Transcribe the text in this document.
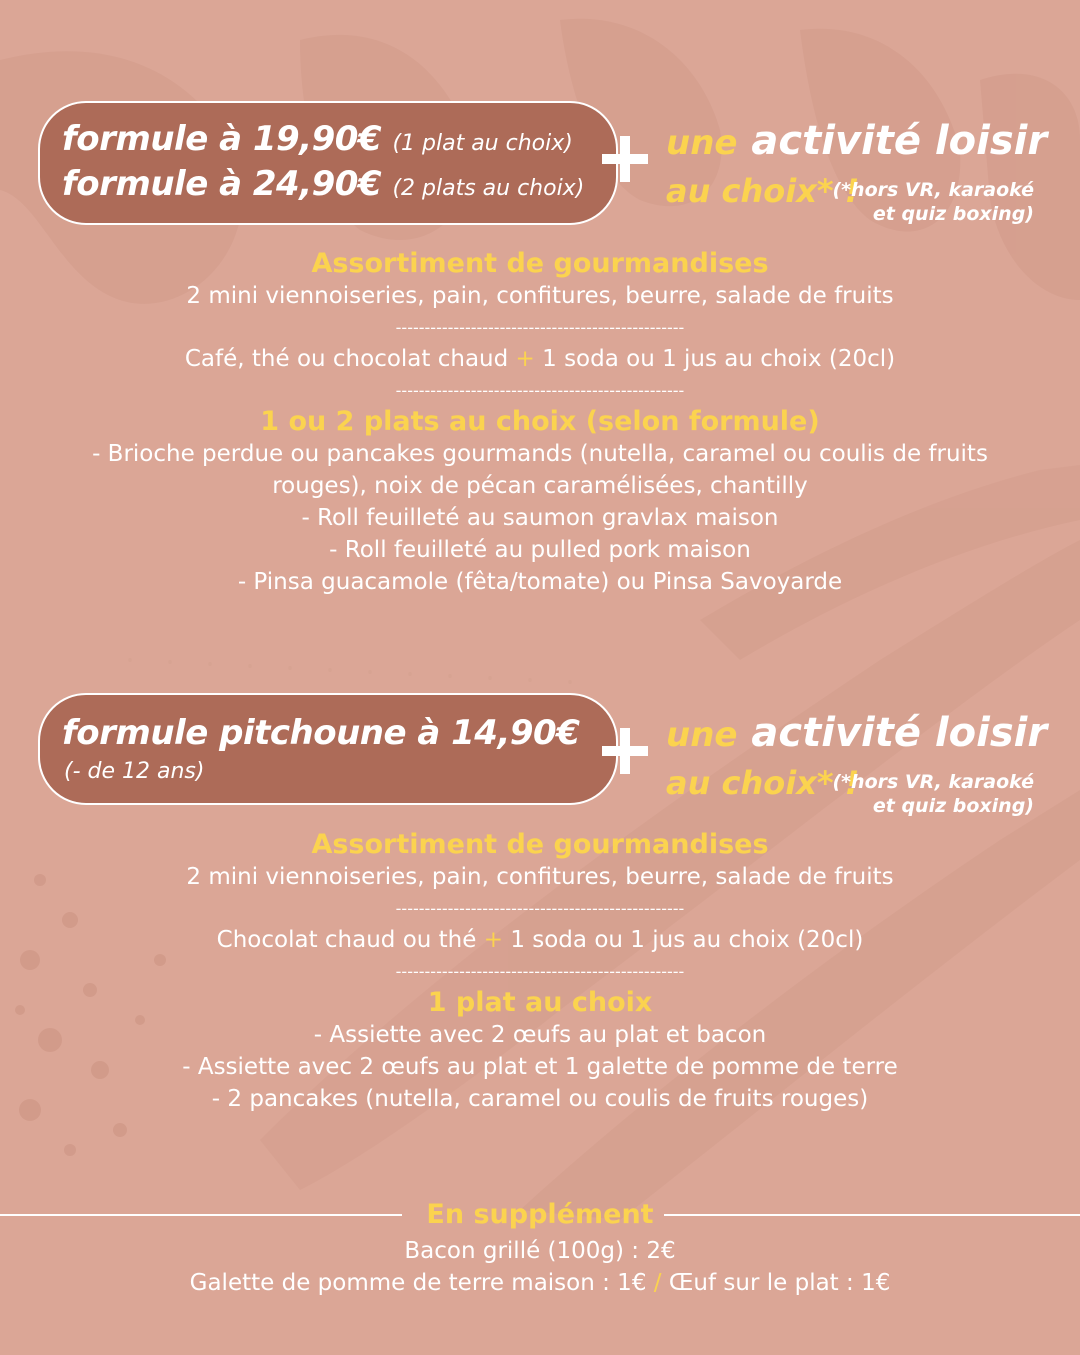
formule à 19,90€ (1 plat au choix)
formule à 24,90€ (2 plats au choix)
une activité loisir
au choix* !
(*hors VR, karaoké
et quiz boxing)
Assortiment de gourmandises
2 mini viennoiseries, pain, confitures, beurre, salade de fruits
--------------------------------------------------
Café, thé ou chocolat chaud + 1 soda ou 1 jus au choix (20cl)
--------------------------------------------------
1 ou 2 plats au choix (selon formule)
- Brioche perdue ou pancakes gourmands (nutella, caramel ou coulis de fruits
rouges), noix de pécan caramélisées, chantilly
- Roll feuilleté au saumon gravlax maison
- Roll feuilleté au pulled pork maison
- Pinsa guacamole (fêta/tomate) ou Pinsa Savoyarde
formule pitchoune à 14,90€
(- de 12 ans)
une activité loisir
au choix* !
(*hors VR, karaoké
et quiz boxing)
Assortiment de gourmandises
2 mini viennoiseries, pain, confitures, beurre, salade de fruits
--------------------------------------------------
Chocolat chaud ou thé + 1 soda ou 1 jus au choix (20cl)
--------------------------------------------------
1 plat au choix
- Assiette avec 2 œufs au plat et bacon
- Assiette avec 2 œufs au plat et 1 galette de pomme de terre
- 2 pancakes (nutella, caramel ou coulis de fruits rouges)
En supplément
Bacon grillé (100g) : 2€
Galette de pomme de terre maison : 1€ / Œuf sur le plat : 1€
